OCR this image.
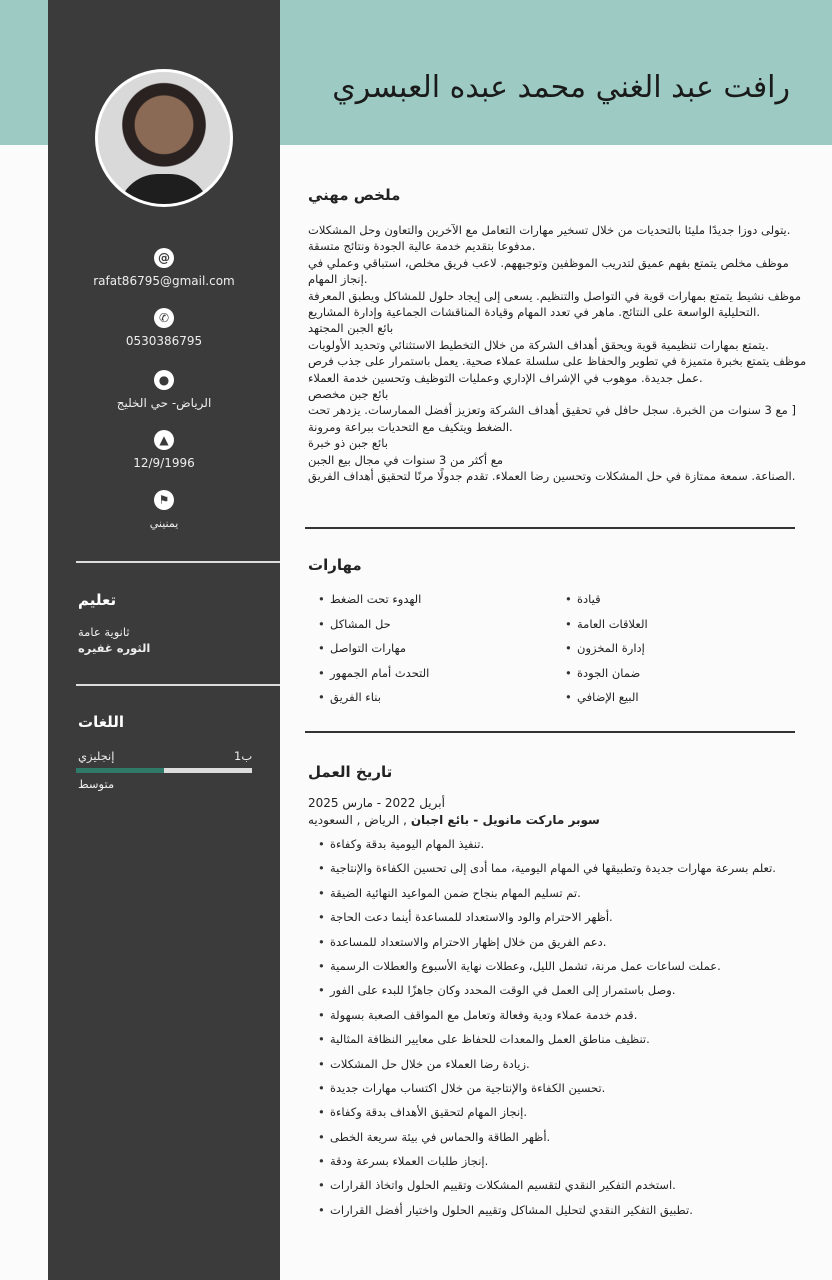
رافت عبد الغني محمد عبده العبسري
@
rafat86795@gmail.com
✆
0530386795
●
الرياض- حي الخليج
▲
12/9/1996
⚑
يمنيني
تعليم
ثانوية عامة
الثوره غفيره
اللغات
إنجليزي	ب1
متوسط
ملخص مهني
يتولى دوزا جديدًا مليئا بالتحديات من خلال تسخير مهارات التعامل مع الآخرين والتعاون وحل المشكلات.
مدفوعا بتقديم خدمة عالية الجودة ونتائج متسقة.
موظف مخلص يتمتع بفهم عميق لتدريب الموظفين وتوجيههم. لاعب فريق مخلص، استباقي وعملي في
إنجاز المهام.
موظف نشيط يتمتع بمهارات قوية في التواصل والتنظيم. يسعى إلى إيجاد حلول للمشاكل ويطبق المعرفة
التحليلية الواسعة على النتائج. ماهر في تعدد المهام وقيادة المناقشات الجماعية وإدارة المشاريع.
بائع الجبن المجتهد
يتمتع بمهارات تنظيمية قوية ويحقق أهداف الشركة من خلال التخطيط الاستثنائي وتحديد الأولويات.
موظف يتمتع بخبرة متميزة في تطوير والحفاظ على سلسلة عملاء صحية. يعمل باستمرار على جذب فرص
عمل جديدة. موهوب في الإشراف الإداري وعمليات التوظيف وتحسين خدمة العملاء.
بائع جبن مخصص
مع 3 سنوات من الخبرة. سجل حافل في تحقيق أهداف الشركة وتعزيز أفضل الممارسات. يزدهر تحت ]
الضغط ويتكيف مع التحديات ببراعة ومرونة.
بائع جبن ذو خبرة
مع أكثر من 3 سنوات في مجال بيع الجبن
الصناعة. سمعة ممتازة في حل المشكلات وتحسين رضا العملاء. تقدم جدولًا مرنًا لتحقيق أهداف الفريق.
مهارات
• الهدوء تحت الضغط
• حل المشاكل
• مهارات التواصل
• التحدث أمام الجمهور
• بناء الفريق
• قيادة
• العلاقات العامة
• إدارة المخزون
• ضمان الجودة
• البيع الإضافي
تاريخ العمل
أبريل 2022 - مارس 2025
سوبر ماركت مانويل - بائع اجبان , الرياض , السعوديه
• تنفيذ المهام اليومية بدقة وكفاءة.
• تعلم بسرعة مهارات جديدة وتطبيقها في المهام اليومية، مما أدى إلى تحسين الكفاءة والإنتاجية.
• تم تسليم المهام بنجاح ضمن المواعيد النهائية الضيقة.
• أظهر الاحترام والود والاستعداد للمساعدة أينما دعت الحاجة.
• دعم الفريق من خلال إظهار الاحترام والاستعداد للمساعدة.
• عملت لساعات عمل مرنة، تشمل الليل، وعطلات نهاية الأسبوع والعطلات الرسمية.
• وصل باستمرار إلى العمل في الوقت المحدد وكان جاهزًا للبدء على الفور.
• قدم خدمة عملاء ودية وفعالة وتعامل مع المواقف الصعبة بسهولة.
• تنظيف مناطق العمل والمعدات للحفاظ على معايير النظافة المثالية.
• زيادة رضا العملاء من خلال حل المشكلات.
• تحسين الكفاءة والإنتاجية من خلال اكتساب مهارات جديدة.
• إنجاز المهام لتحقيق الأهداف بدقة وكفاءة.
• أظهر الطاقة والحماس في بيئة سريعة الخطى.
• إنجاز طلبات العملاء بسرعة ودقة.
• استخدم التفكير النقدي لتقسيم المشكلات وتقييم الحلول واتخاذ القرارات.
• تطبيق التفكير النقدي لتحليل المشاكل وتقييم الحلول واختيار أفضل القرارات.
